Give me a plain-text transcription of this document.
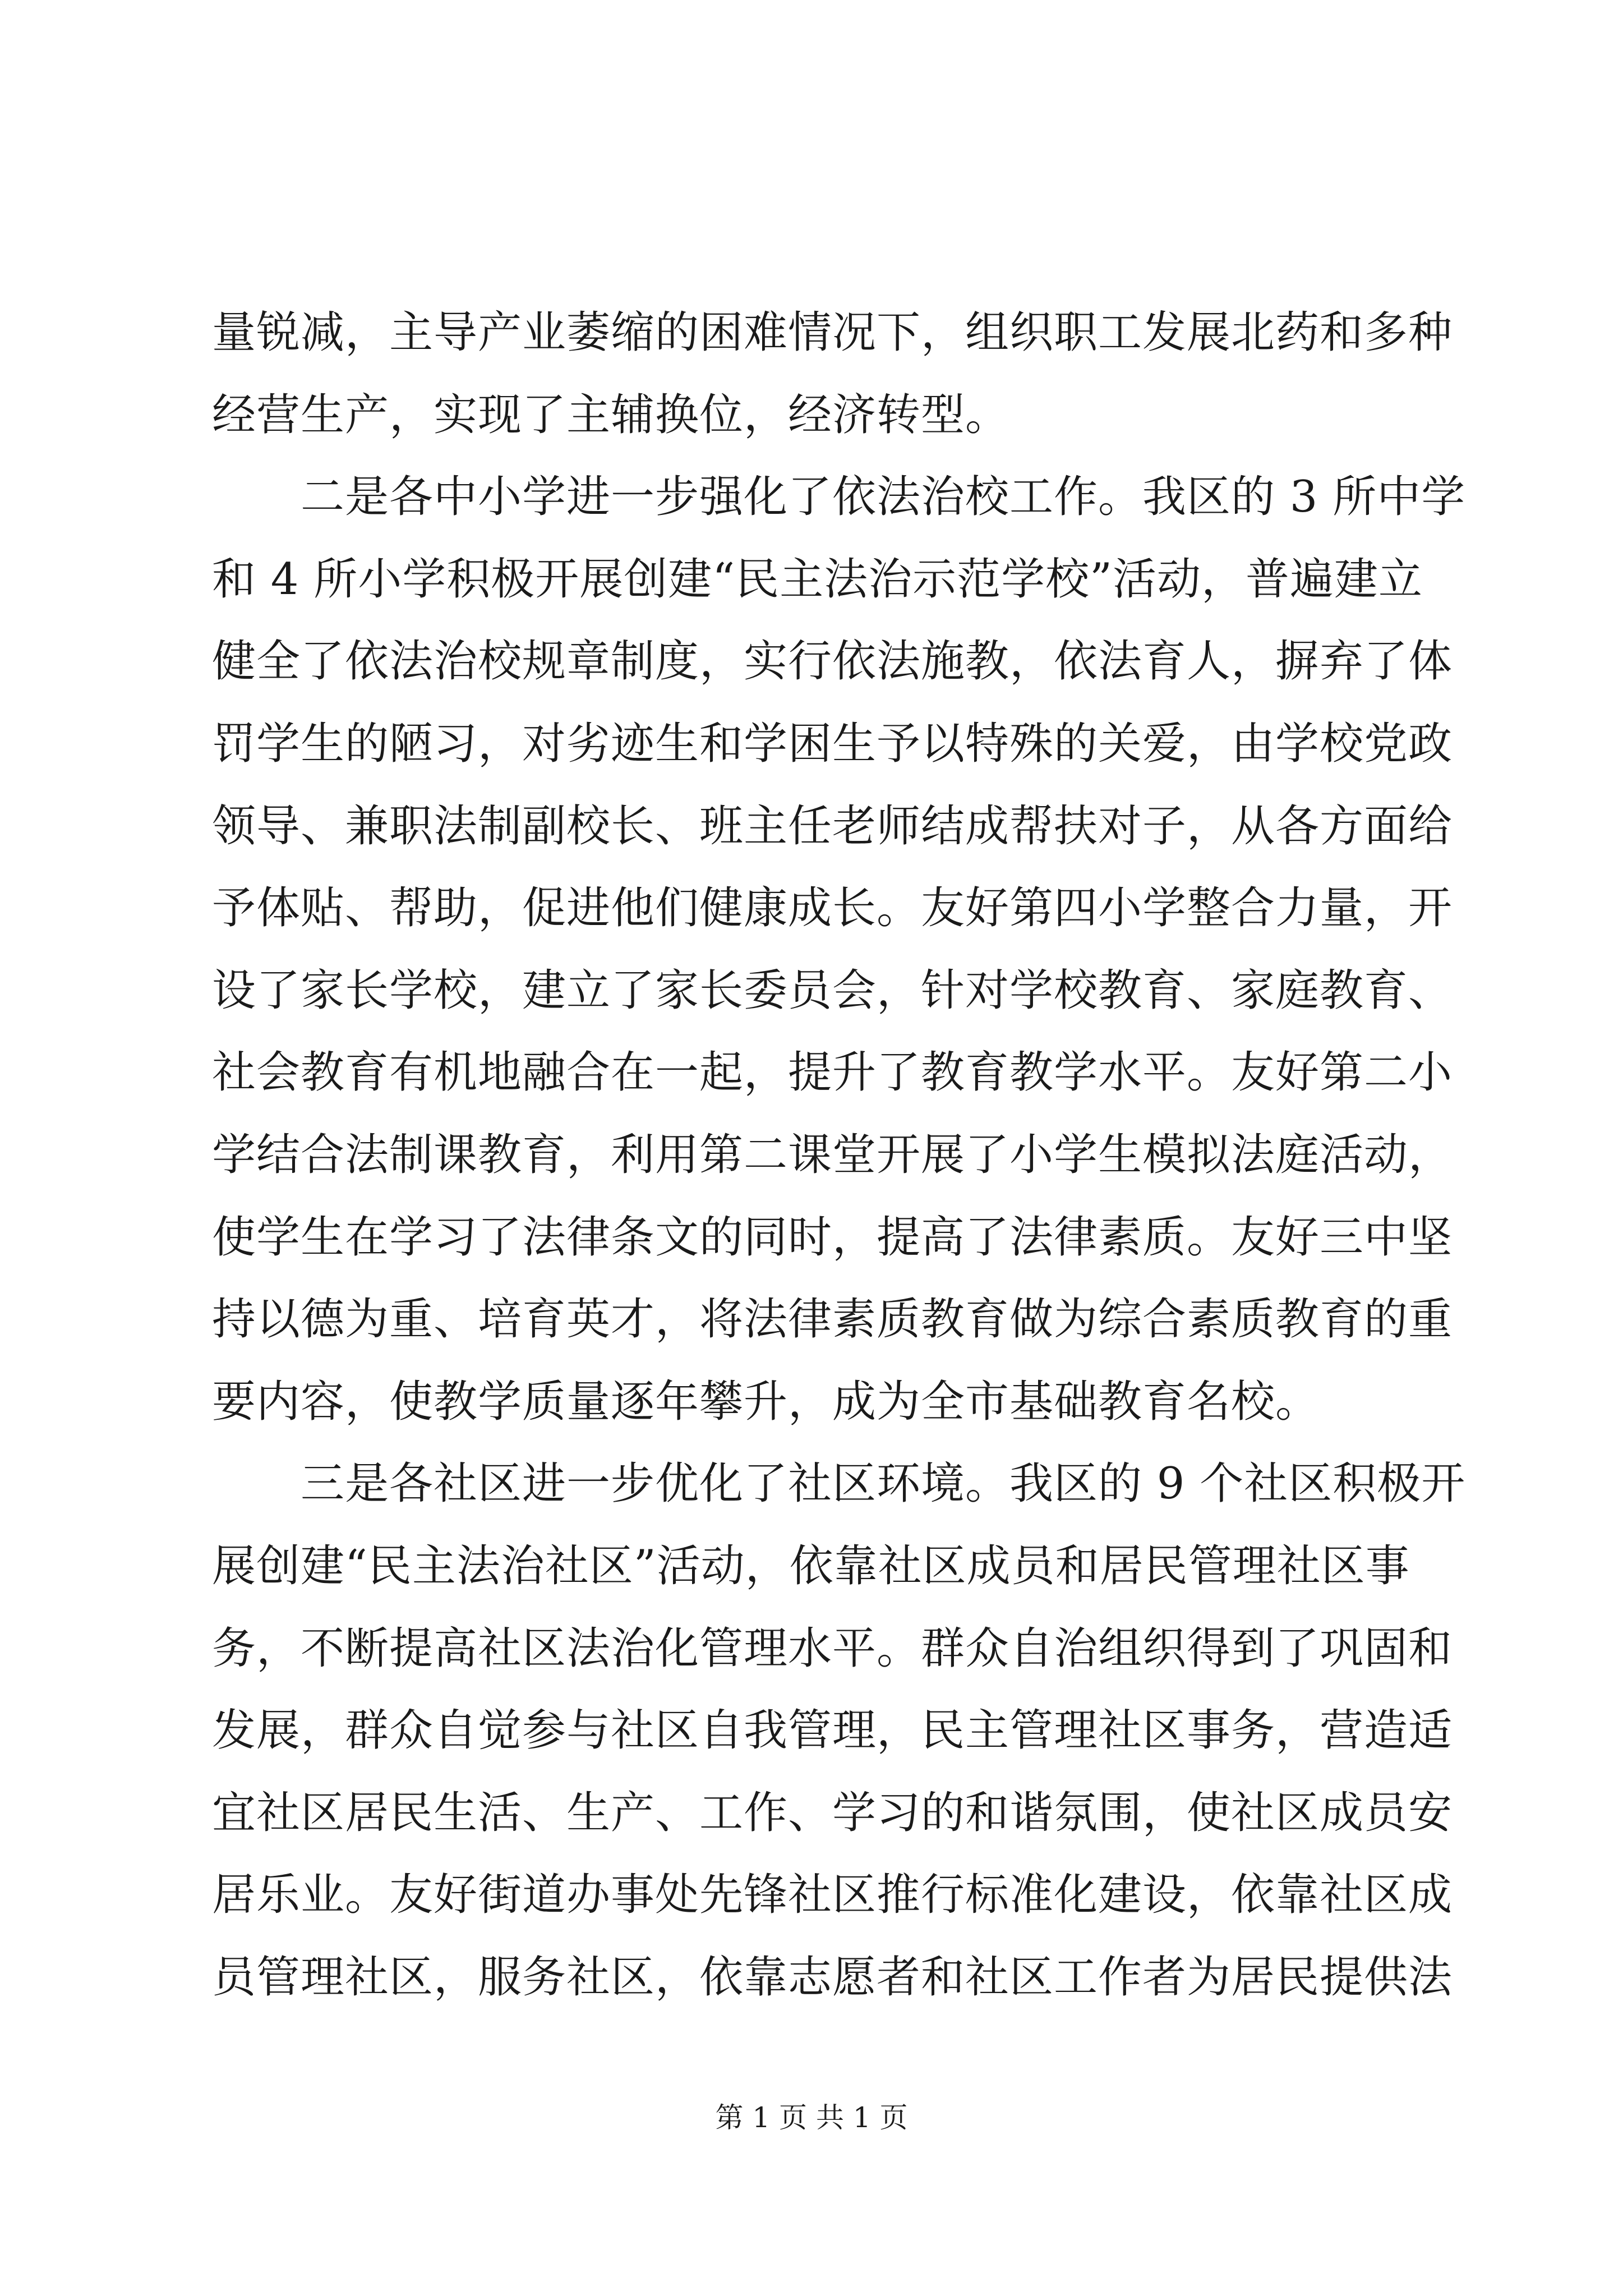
量锐减，主导产业萎缩的困难情况下，组织职工发展北药和多种
经营生产，实现了主辅换位，经济转型。
二是各中小学进一步强化了依法治校工作。我区的 3 所中学
和 4 所小学积极开展创建“民主法治示范学校”活动，普遍建立
健全了依法治校规章制度，实行依法施教，依法育人，摒弃了体
罚学生的陋习，对劣迹生和学困生予以特殊的关爱，由学校党政
领导、兼职法制副校长、班主任老师结成帮扶对子，从各方面给
予体贴、帮助，促进他们健康成长。友好第四小学整合力量，开
设了家长学校，建立了家长委员会，针对学校教育、家庭教育、
社会教育有机地融合在一起，提升了教育教学水平。友好第二小
学结合法制课教育，利用第二课堂开展了小学生模拟法庭活动，
使学生在学习了法律条文的同时，提高了法律素质。友好三中坚
持以德为重、培育英才，将法律素质教育做为综合素质教育的重
要内容，使教学质量逐年攀升，成为全市基础教育名校。
三是各社区进一步优化了社区环境。我区的 9 个社区积极开
展创建“民主法治社区”活动，依靠社区成员和居民管理社区事
务，不断提高社区法治化管理水平。群众自治组织得到了巩固和
发展，群众自觉参与社区自我管理，民主管理社区事务，营造适
宜社区居民生活、生产、工作、学习的和谐氛围，使社区成员安
居乐业。友好街道办事处先锋社区推行标准化建设，依靠社区成
员管理社区，服务社区，依靠志愿者和社区工作者为居民提供法
第 1 页 共 1 页
